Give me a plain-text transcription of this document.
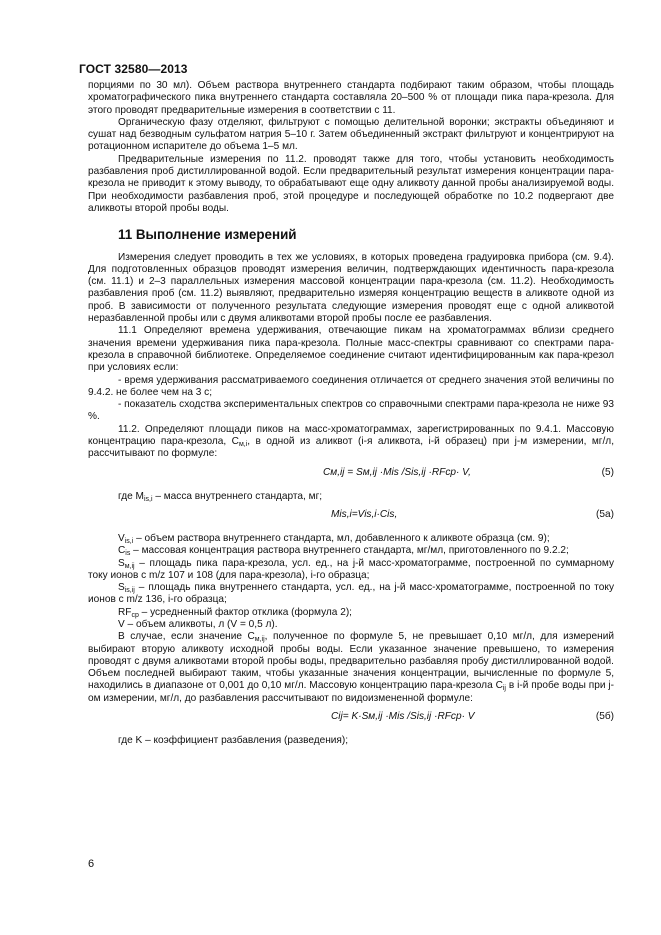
ГОСТ 32580—2013

порциями по 30 мл). Объем раствора внутреннего стандарта подбирают таким образом, чтобы площадь хроматографического пика внутреннего стандарта составляла 20–500 % от площади пика пара-крезола. Для этого проводят предварительные измерения в соответствии с 11.

Органическую фазу отделяют, фильтруют с помощью делительной воронки; экстракты объединяют и сушат над безводным сульфатом натрия 5–10 г. Затем объединенный экстракт фильтруют и концентрируют на ротационном испарителе до объема 1–5 мл.

Предварительные измерения по 11.2. проводят также для того, чтобы установить необходимость разбавления проб дистиллированной водой. Если предварительный результат измерения концентрации пара-крезола не приводит к этому выводу, то обрабатывают еще одну аликвоту данной пробы анализируемой воды. При необходимости разбавления проб, этой процедуре и последующей обработке по 10.2 подвергают две аликвоты второй пробы воды.

11 Выполнение измерений

Измерения следует проводить в тех же условиях, в которых проведена градуировка прибора (см. 9.4). Для подготовленных образцов проводят измерения величин, подтверждающих идентичность пара-крезола (см. 11.1) и 2–3 параллельных измерения массовой концентрации пара-крезола (см. 11.2). Необходимость разбавления проб (см. 11.2) выявляют, предварительно измеряя концентрацию веществ в аликвоте одной из проб. В зависимости от полученного результата следующие измерения проводят еще с одной аликвотой неразбавленной пробы или с двумя аликвотами второй пробы после ее разбавления.

11.1 Определяют времена удерживания, отвечающие пикам на хроматограммах вблизи среднего значения времени удерживания пика пара-крезола. Полные масс-спектры сравнивают со спектрами пара-крезола в справочной библиотеке. Определяемое соединение считают идентифицированным как пара-крезол при условиях если:

- время удерживания рассматриваемого соединения отличается от среднего значения этой величины по 9.4.2. не более чем на 3 с;

- показатель сходства экспериментальных спектров со справочными спектрами пара-крезола не ниже 93 %.

11.2. Определяют площади пиков на масс-хроматограммах, зарегистрированных по 9.4.1. Массовую концентрацию пара-крезола, $C_{м,i}$, в одной из аликвот (i-я аликвота, i-й образец) при j-м измерении, мг/л, рассчитывают по формуле:

Cм,ij = Sм,ij ·Mis /Sis,ij ·RFср· V,	(5)

где $M_{is,i}$ – масса внутреннего стандарта, мг;

Mis,i=Vis,i·Cis,	(5a)

$V_{is,i}$ – объем раствора внутреннего стандарта, мл, добавленного к аликвоте образца (см. 9);

$C_{is}$ – массовая концентрация раствора внутреннего стандарта, мг/мл, приготовленного по 9.2.2;

$S_{м,ij}$ – площадь пика пара-крезола, усл. ед., на j-й масс-хроматограмме, построенной по суммарному току ионов с m/z 107 и 108 (для пара-крезола), i-го образца;

$S_{is,ij}$ – площадь пика внутреннего стандарта, усл. ед., на j-й масс-хроматограмме, построенной по току ионов с m/z 136, i-го образца;

$RF_{ср}$ – усредненный фактор отклика (формула 2);

V – объем аликвоты, л (V = 0,5 л).

В случае, если значение $C_{м,ij}$, полученное по формуле 5, не превышает 0,10 мг/л, для измерений выбирают вторую аликвоту исходной пробы воды. Если указанное значение превышено, то измерения проводят с двумя аликвотами второй пробы воды, предварительно разбавляя пробу дистиллированной водой. Объем последней выбирают таким, чтобы указанные значения концентрации, вычисленные по формуле 5, находились в диапазоне от 0,001 до 0,10 мг/л. Массовую концентрацию пара-крезола $C_{ij}$ в i-й пробе воды при j-ом измерении, мг/л, до разбавления рассчитывают по видоизмененной формуле:

Cij= K·Sм,ij ·Mis /Sis,ij ·RFср· V	(5б)

где K – коэффициент разбавления (разведения);

6
